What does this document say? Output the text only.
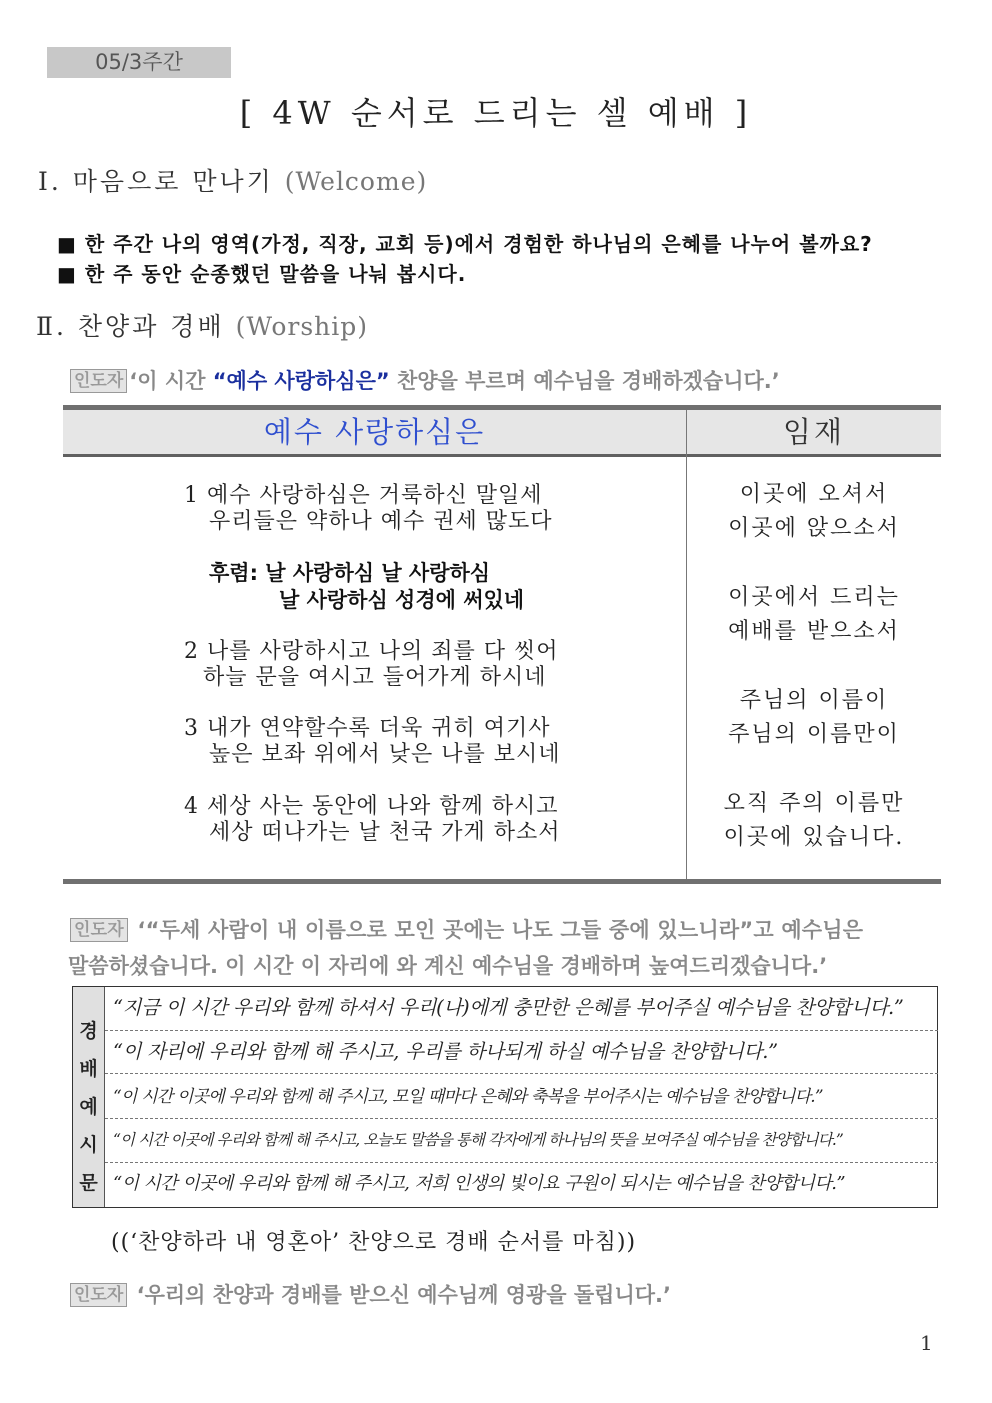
05/3주간
[ 4W 순서로 드리는 셀 예배 ]
Ⅰ. 마음으로 만나기 (Welcome)
■ 한 주간 나의 영역(가정, 직장, 교회 등)에서 경험한 하나님의 은혜를 나누어 볼까요?
■ 한 주 동안 순종했던 말씀을 나눠 봅시다.
Ⅱ. 찬양과 경배 (Worship)
인도자 ‘이 시간 “예수 사랑하심은” 찬양을 부르며 예수님을 경배하겠습니다.’
예수 사랑하심은	임재
1 예수 사랑하심은 거룩하신 말일세
우리들은 약하나 예수 권세 많도다
후렴: 날 사랑하심 날 사랑하심
날 사랑하심 성경에 써있네
2 나를 사랑하시고 나의 죄를 다 씻어
하늘 문을 여시고 들어가게 하시네
3 내가 연약할수록 더욱 귀히 여기사
높은 보좌 위에서 낮은 나를 보시네
4 세상 사는 동안에 나와 함께 하시고
세상 떠나가는 날 천국 가게 하소서
이곳에 오셔서
이곳에 앉으소서
이곳에서 드리는
예배를 받으소서
주님의 이름이
주님의 이름만이
오직 주의 이름만
이곳에 있습니다.
인도자 ‘“두세 사람이 내 이름으로 모인 곳에는 나도 그들 중에 있느니라”고 예수님은
말씀하셨습니다. 이 시간 이 자리에 와 계신 예수님을 경배하며 높여드리겠습니다.’
경
배
예
시
문
“지금 이 시간 우리와 함께 하셔서 우리(나)에게 충만한 은혜를 부어주실 예수님을 찬양합니다.”
“이 자리에 우리와 함께 해 주시고, 우리를 하나되게 하실 예수님을 찬양합니다.”
“이 시간 이곳에 우리와 함께 해 주시고, 모일 때마다 은혜와 축복을 부어주시는 예수님을 찬양합니다.”
“이 시간 이곳에 우리와 함께 해 주시고, 오늘도 말씀을 통해 각자에게 하나님의 뜻을 보여주실 예수님을 찬양합니다.”
“이 시간 이곳에 우리와 함께 해 주시고, 저희 인생의 빛이요 구원이 되시는 예수님을 찬양합니다.”
((‘찬양하라 내 영혼아’ 찬양으로 경배 순서를 마침))
인도자 ‘우리의 찬양과 경배를 받으신 예수님께 영광을 돌립니다.’
1
